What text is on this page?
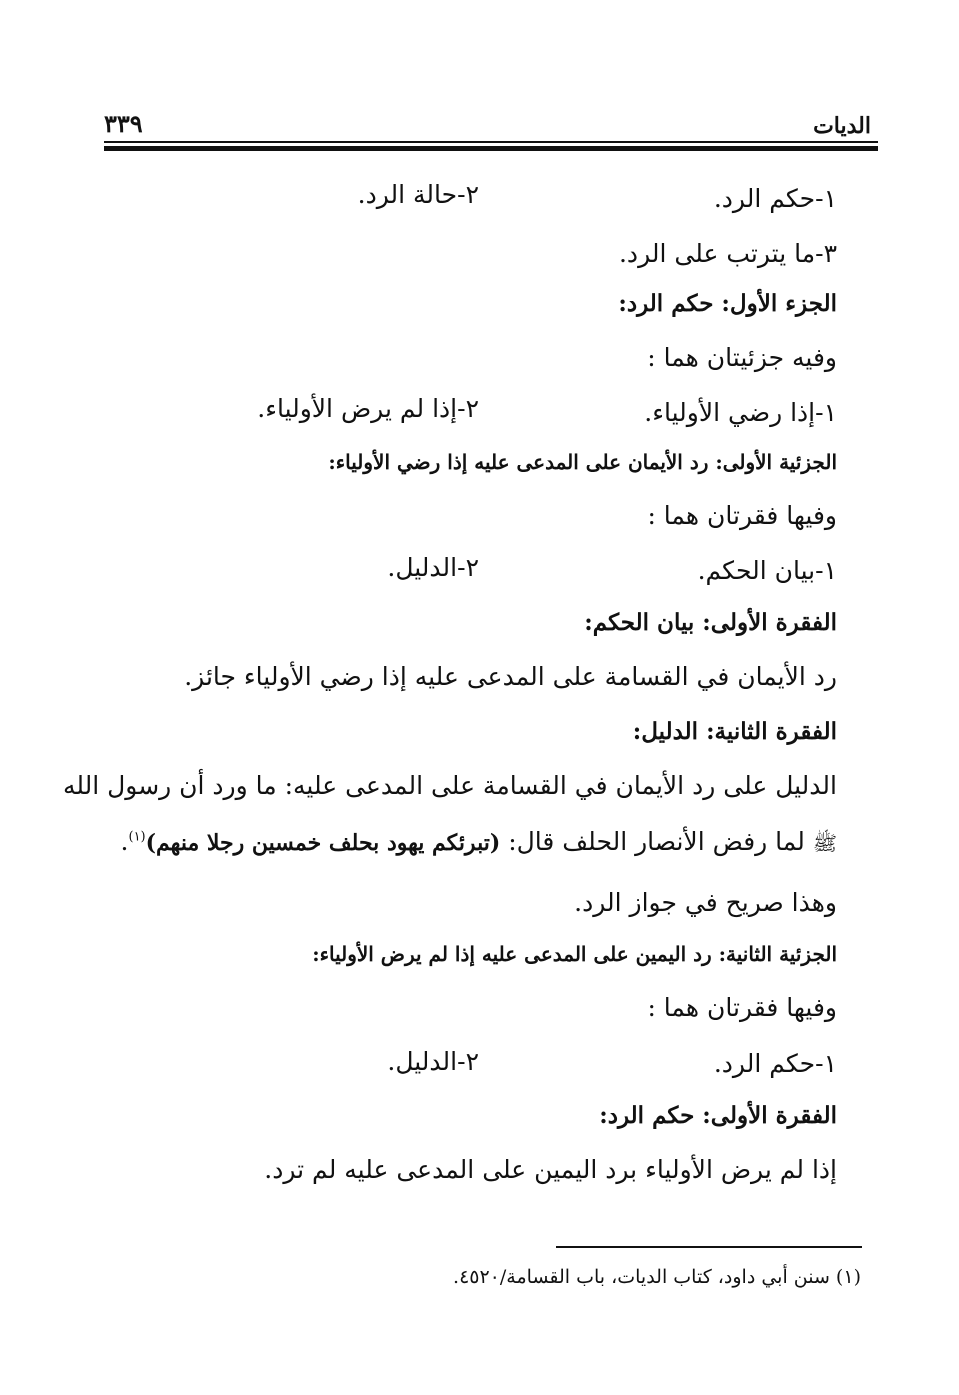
الديات
٣٣٩
١-حكم الرد.
٢-حالة الرد.
٣-ما يترتب على الرد.
الجزء الأول: حكم الرد:
وفيه جزئيتان هما :
١-إذا رضي الأولياء.
٢-إذا لم يرض الأولياء.
الجزئية الأولى: رد الأيمان على المدعى عليه إذا رضي الأولياء:
وفيها فقرتان هما :
١-بيان الحكم.
٢-الدليل.
الفقرة الأولى: بيان الحكم:
رد الأيمان في القسامة على المدعى عليه إذا رضي الأولياء جائز.
الفقرة الثانية: الدليل:
الدليل على رد الأيمان في القسامة على المدعى عليه: ما ورد أن رسول الله
ﷺ لما رفض الأنصار الحلف قال: (تبرئكم يهود بحلف خمسين رجلا منهم)$^{(١)}$.
وهذا صريح في جواز الرد.
الجزئية الثانية: رد اليمين على المدعى عليه إذا لم يرض الأولياء:
وفيها فقرتان هما :
١-حكم الرد.
٢-الدليل.
الفقرة الأولى: حكم الرد:
إذا لم يرض الأولياء برد اليمين على المدعى عليه لم ترد.
(١) سنن أبي داود، كتاب الديات، باب القسامة/٤٥٢٠.
